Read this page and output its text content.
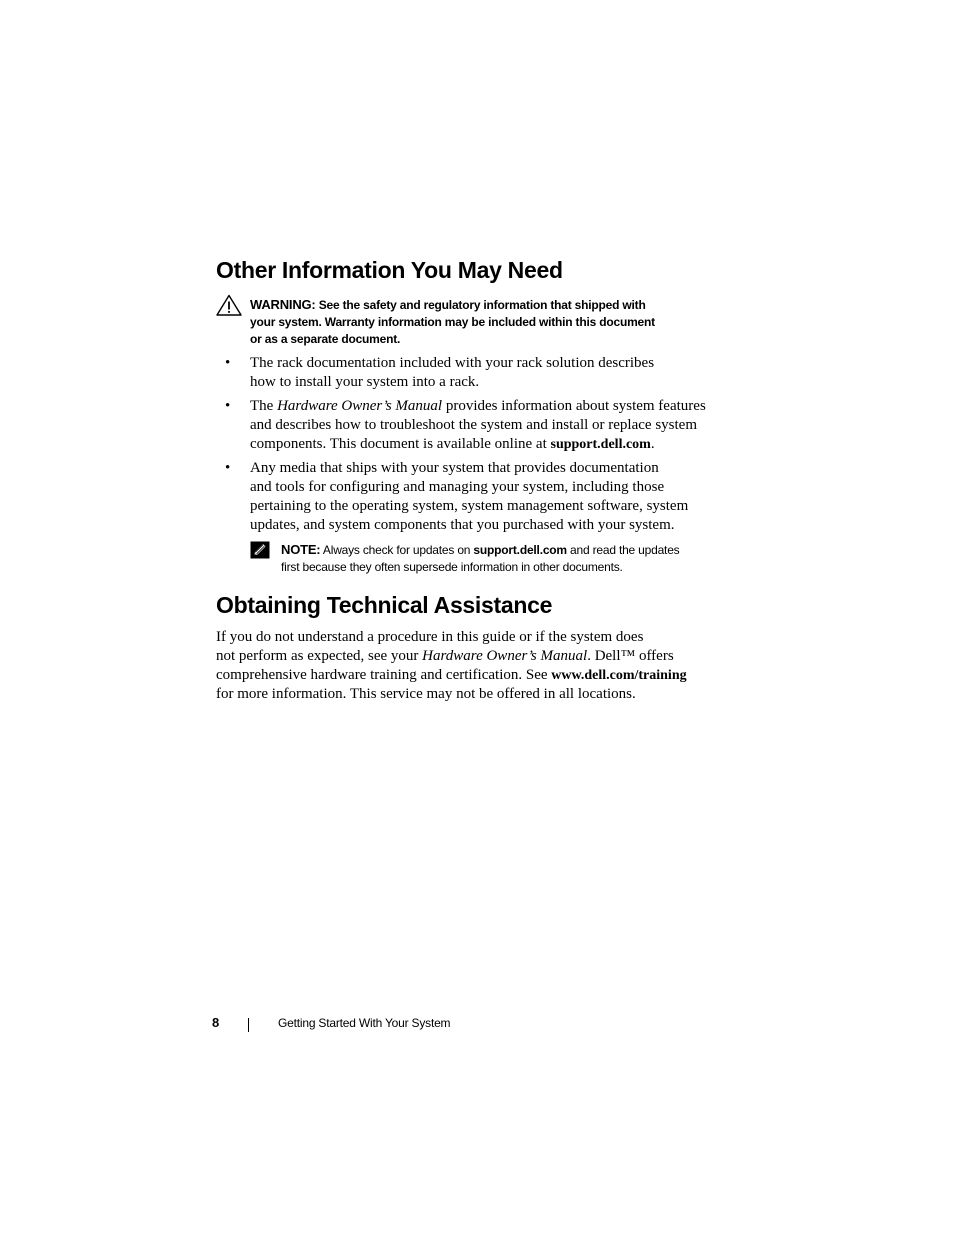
Other Information You May Need
WARNING: See the safety and regulatory information that shipped with
your system. Warranty information may be included within this document
or as a separate document.
• The rack documentation included with your rack solution describes
how to install your system into a rack.
• The Hardware Owner’s Manual provides information about system features
and describes how to troubleshoot the system and install or replace system
components. This document is available online at support.dell.com.
• Any media that ships with your system that provides documentation
and tools for configuring and managing your system, including those
pertaining to the operating system, system management software, system
updates, and system components that you purchased with your system.
NOTE: Always check for updates on support.dell.com and read the updates
first because they often supersede information in other documents.
Obtaining Technical Assistance
If you do not understand a procedure in this guide or if the system does
not perform as expected, see your Hardware Owner’s Manual. Dell™ offers
comprehensive hardware training and certification. See www.dell.com/training
for more information. This service may not be offered in all locations.
8	Getting Started With Your System
